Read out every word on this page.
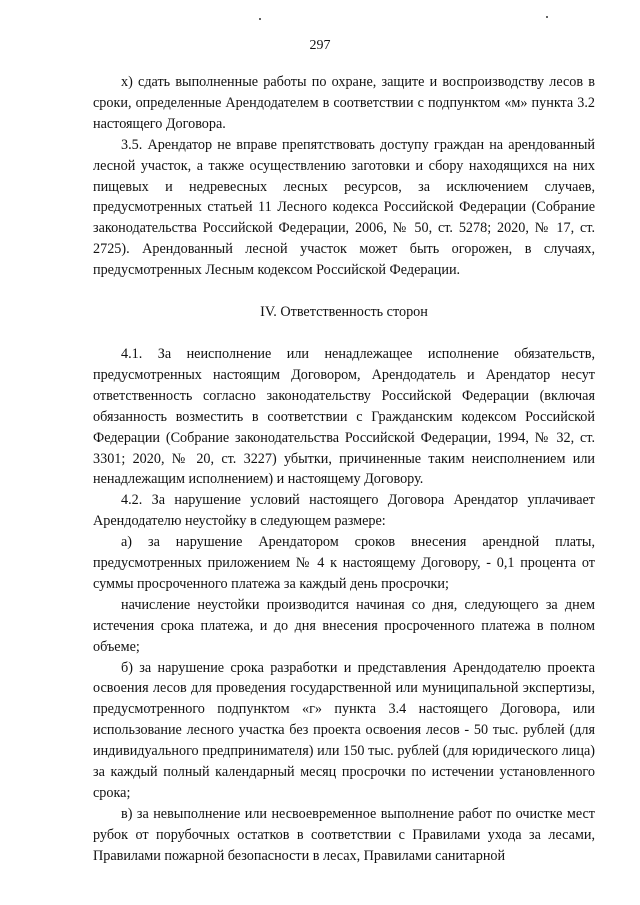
297

х) сдать выполненные работы по охране, защите и воспроизводству лесов в сроки, определенные Арендодателем в соответствии с подпунктом «м» пункта 3.2 настоящего Договора.

3.5. Арендатор не вправе препятствовать доступу граждан на арендованный лесной участок, а также осуществлению заготовки и сбору находящихся на них пищевых и недревесных лесных ресурсов, за исключением случаев, предусмотренных статьей 11 Лесного кодекса Российской Федерации (Собрание законодательства Российской Федерации, 2006, № 50, ст. 5278; 2020, № 17, ст. 2725). Арендованный лесной участок может быть огорожен, в случаях, предусмотренных Лесным кодексом Российской Федерации.

IV. Ответственность сторон

4.1. За неисполнение или ненадлежащее исполнение обязательств, предусмотренных настоящим Договором, Арендодатель и Арендатор несут ответственность согласно законодательству Российской Федерации (включая обязанность возместить в соответствии с Гражданским кодексом Российской Федерации (Собрание законодательства Российской Федерации, 1994, № 32, ст. 3301; 2020, № 20, ст. 3227) убытки, причиненные таким неисполнением или ненадлежащим исполнением) и настоящему Договору.

4.2. За нарушение условий настоящего Договора Арендатор уплачивает Арендодателю неустойку в следующем размере:

а) за нарушение Арендатором сроков внесения арендной платы, предусмотренных приложением № 4 к настоящему Договору, - 0,1 процента от суммы просроченного платежа за каждый день просрочки;

начисление неустойки производится начиная со дня, следующего за днем истечения срока платежа, и до дня внесения просроченного платежа в полном объеме;

б) за нарушение срока разработки и представления Арендодателю проекта освоения лесов для проведения государственной или муниципальной экспертизы, предусмотренного подпунктом «г» пункта 3.4 настоящего Договора, или использование лесного участка без проекта освоения лесов - 50 тыс. рублей (для индивидуального предпринимателя) или 150 тыс. рублей (для юридического лица) за каждый полный календарный месяц просрочки по истечении установленного срока;

в) за невыполнение или несвоевременное выполнение работ по очистке мест рубок от порубочных остатков в соответствии с Правилами ухода за лесами, Правилами пожарной безопасности в лесах, Правилами санитарной
